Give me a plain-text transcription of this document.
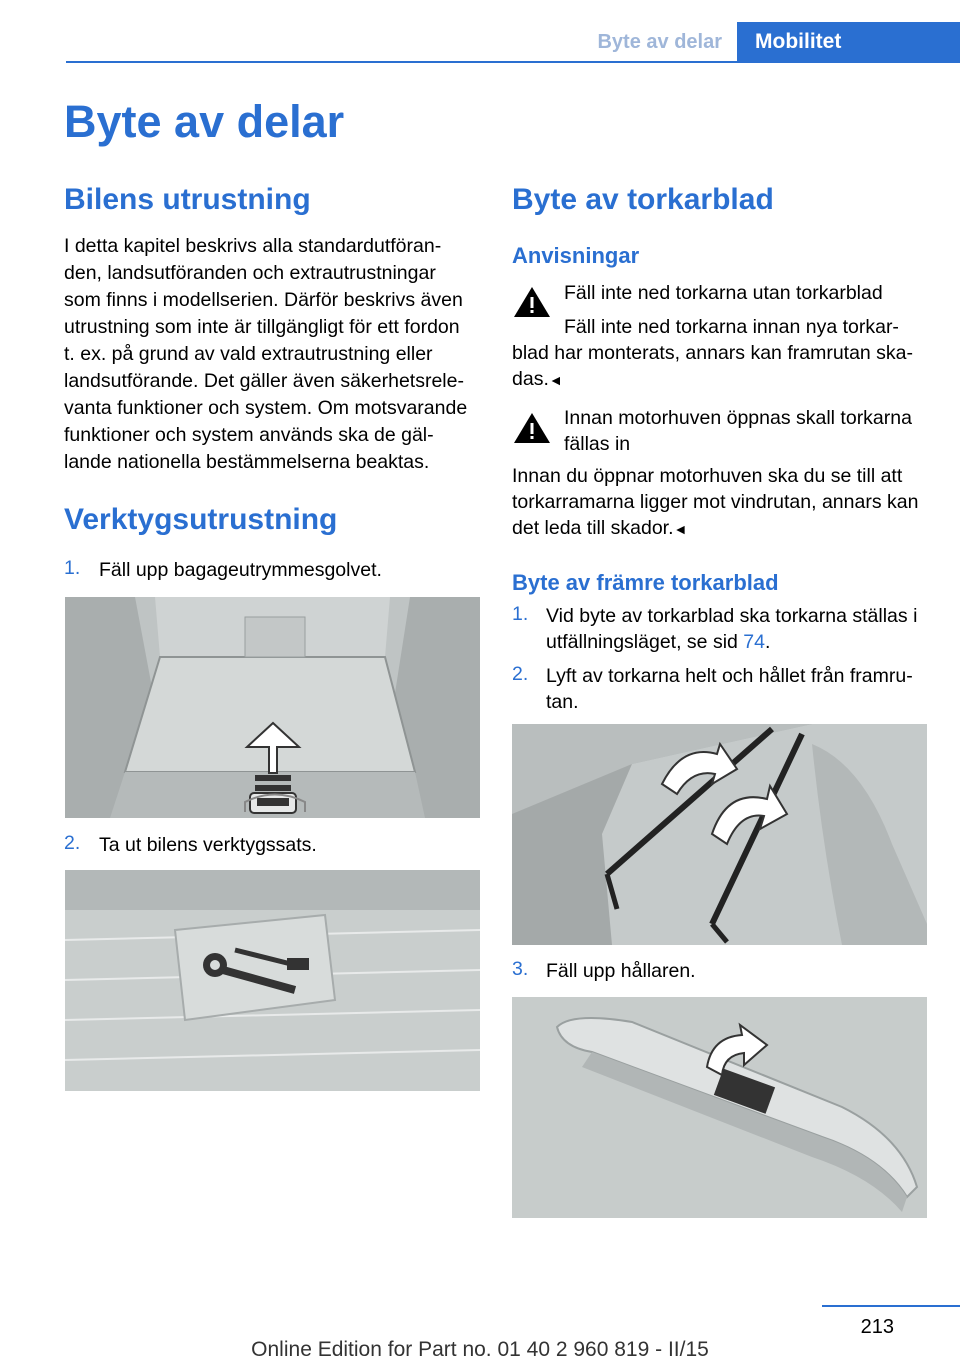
Byte av delar	Mobilitet
Byte av delar
Bilens utrustning
I detta kapitel beskrivs alla standardutföran-
den, landsutföranden och extrautrustningar
som finns i modellserien. Därför beskrivs även
utrustning som inte är tillgängligt för ett fordon
t. ex. på grund av vald extrautrustning eller
landsutförande. Det gäller även säkerhetsrele-
vanta funktioner och system. Om motsvarande
funktioner och system används ska de gäl-
lande nationella bestämmelserna beaktas.
Verktygsutrustning
1. Fäll upp bagageutrymmesgolvet.
2. Ta ut bilens verktygssats.
Byte av torkarblad
Anvisningar
Fäll inte ned torkarna utan torkarblad
Fäll inte ned torkarna innan nya torkar-
blad har monterats, annars kan framrutan ska-
das.◄
Innan motorhuven öppnas skall torkarna
fällas in
Innan du öppnar motorhuven ska du se till att
torkarramarna ligger mot vindrutan, annars kan
det leda till skador.◄
Byte av främre torkarblad
1. Vid byte av torkarblad ska torkarna ställas i
utfällningsläget, se sid 74.
2. Lyft av torkarna helt och hållet från framru-
tan.
3. Fäll upp hållaren.
213
Online Edition for Part no. 01 40 2 960 819 - II/15
